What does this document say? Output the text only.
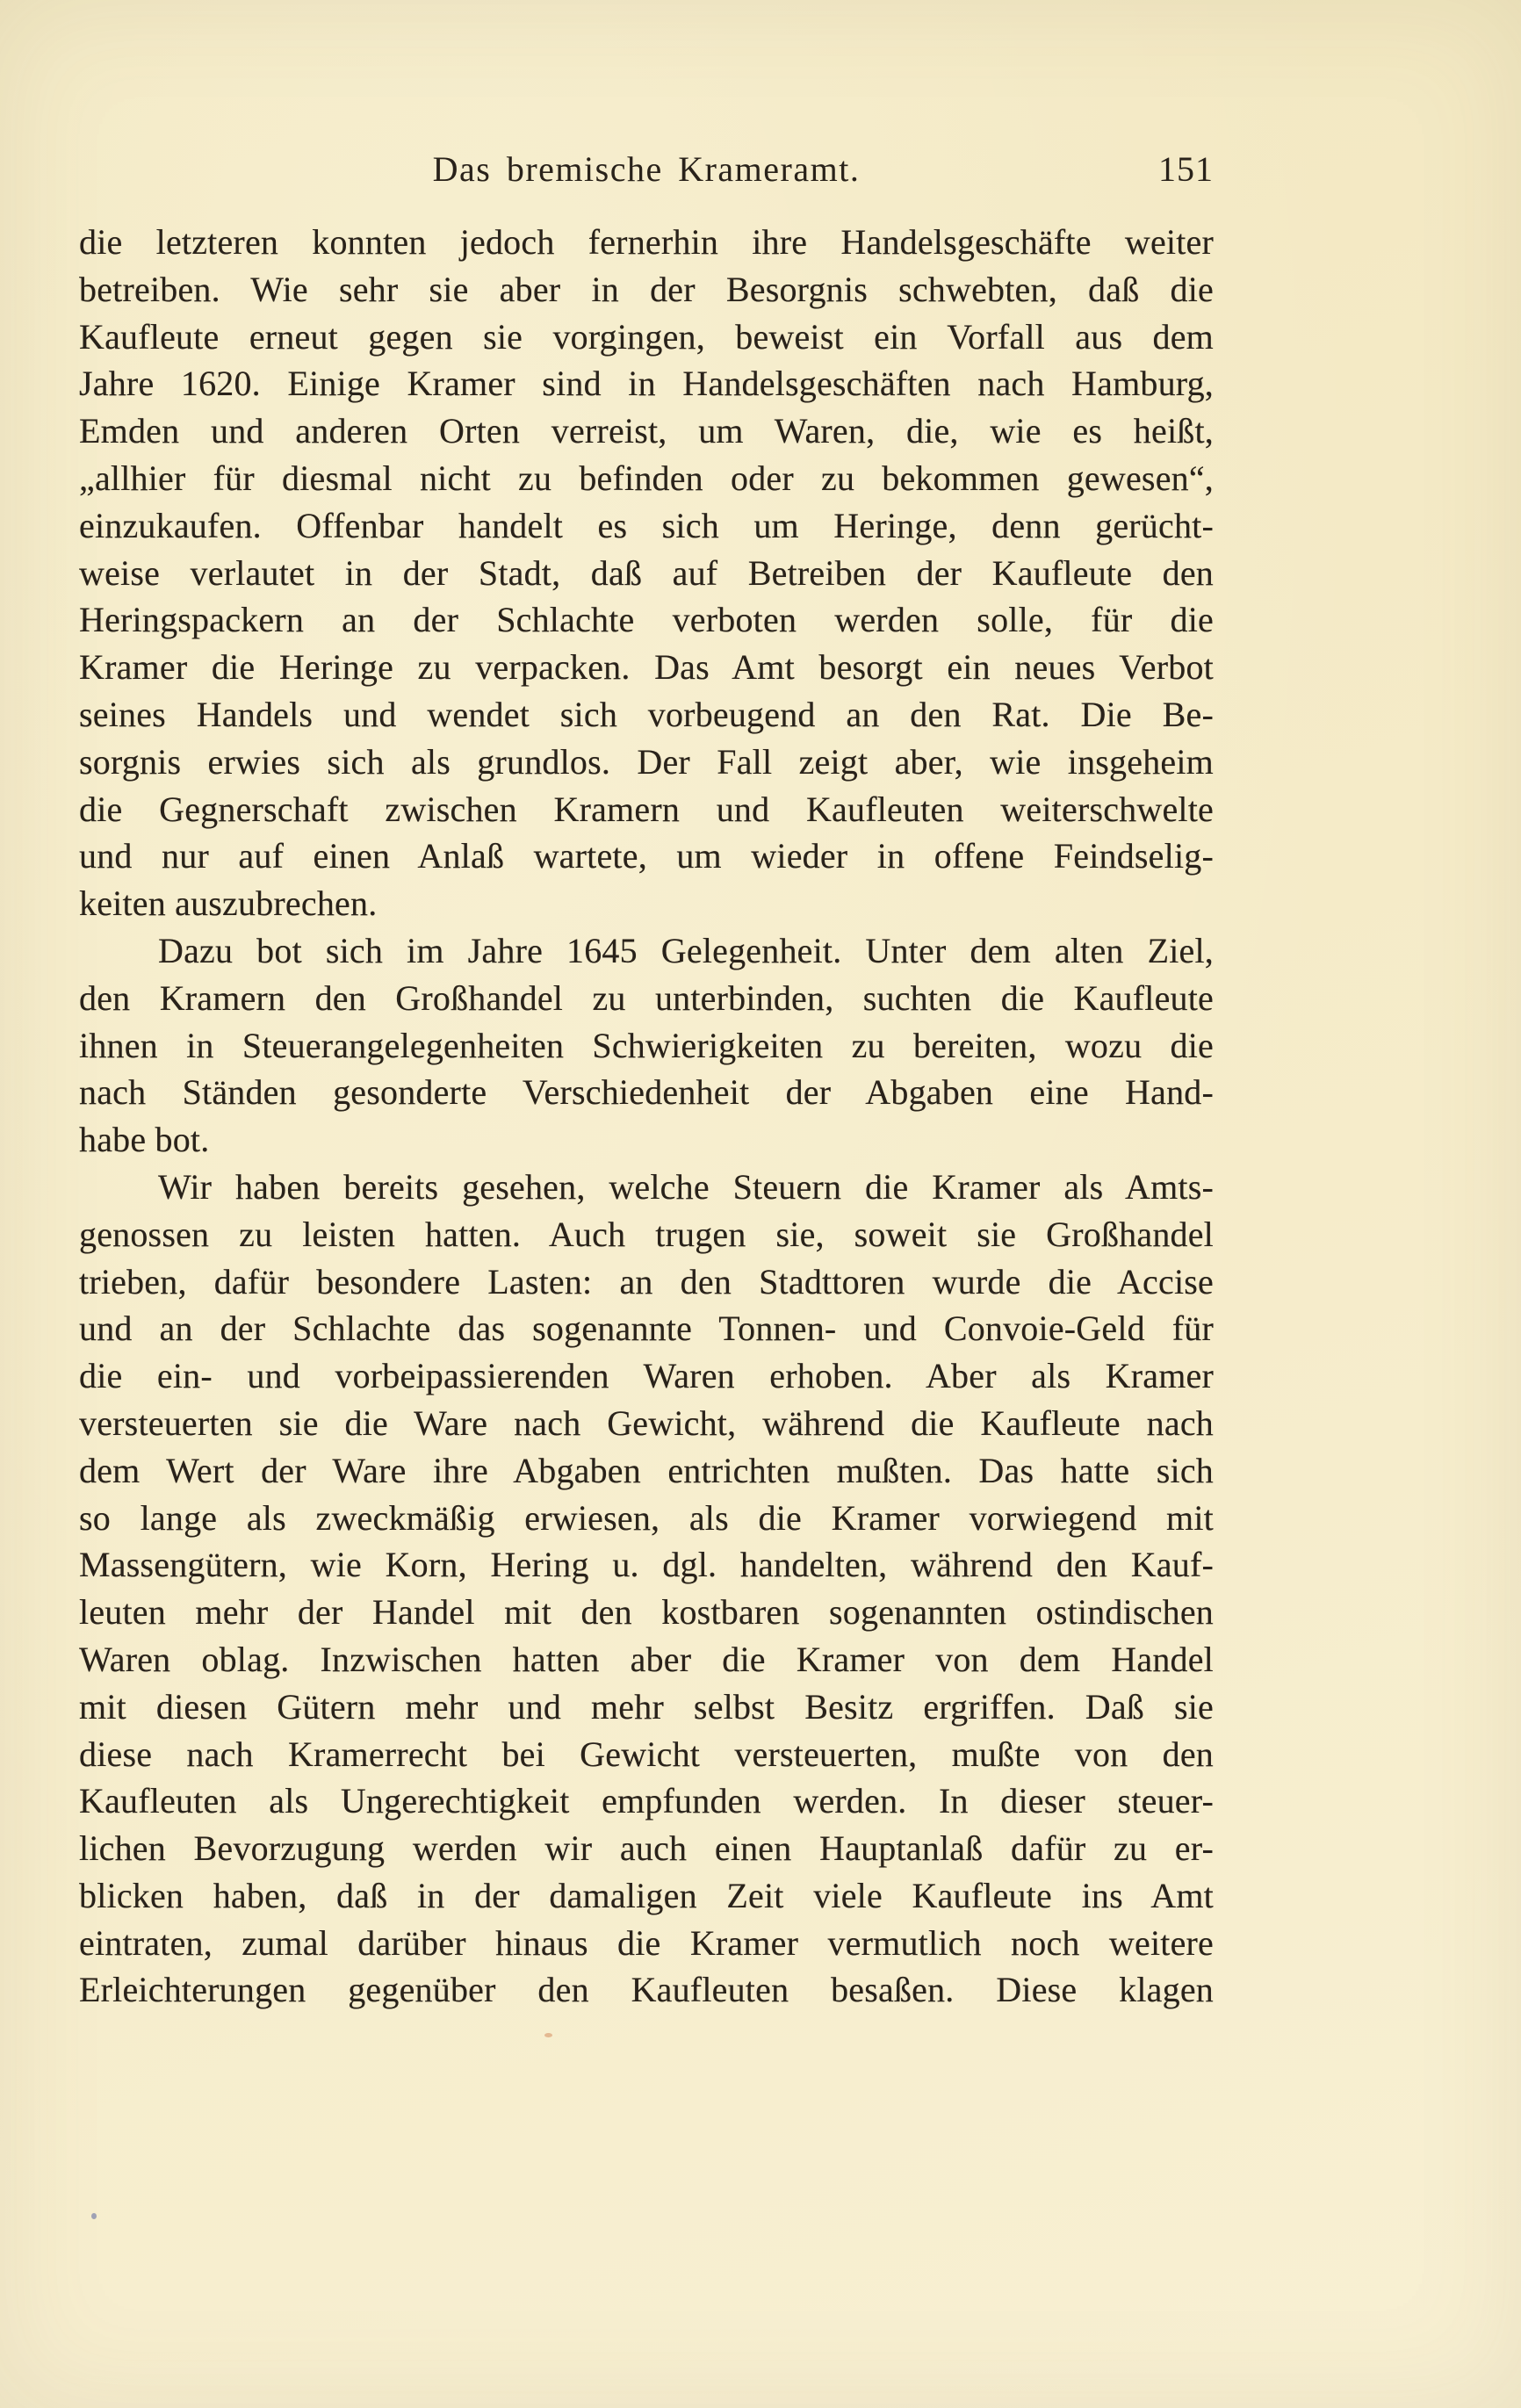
Das bremische Krameramt.	151
die letzteren konnten jedoch fernerhin ihre Handelsgeschäfte weiter
betreiben. Wie sehr sie aber in der Besorgnis schwebten, daß die
Kaufleute erneut gegen sie vorgingen, beweist ein Vorfall aus dem
Jahre 1620. Einige Kramer sind in Handelsgeschäften nach Hamburg,
Emden und anderen Orten verreist, um Waren, die, wie es heißt,
„allhier für diesmal nicht zu befinden oder zu bekommen gewesen“,
einzukaufen. Offenbar handelt es sich um Heringe, denn gerücht-
weise verlautet in der Stadt, daß auf Betreiben der Kaufleute den
Heringspackern an der Schlachte verboten werden solle, für die
Kramer die Heringe zu verpacken. Das Amt besorgt ein neues Verbot
seines Handels und wendet sich vorbeugend an den Rat. Die Be-
sorgnis erwies sich als grundlos. Der Fall zeigt aber, wie insgeheim
die Gegnerschaft zwischen Kramern und Kaufleuten weiterschwelte
und nur auf einen Anlaß wartete, um wieder in offene Feindselig-
keiten auszubrechen.
Dazu bot sich im Jahre 1645 Gelegenheit. Unter dem alten Ziel,
den Kramern den Großhandel zu unterbinden, suchten die Kaufleute
ihnen in Steuerangelegenheiten Schwierigkeiten zu bereiten, wozu die
nach Ständen gesonderte Verschiedenheit der Abgaben eine Hand-
habe bot.
Wir haben bereits gesehen, welche Steuern die Kramer als Amts-
genossen zu leisten hatten. Auch trugen sie, soweit sie Großhandel
trieben, dafür besondere Lasten: an den Stadttoren wurde die Accise
und an der Schlachte das sogenannte Tonnen- und Convoie-Geld für
die ein- und vorbeipassierenden Waren erhoben. Aber als Kramer
versteuerten sie die Ware nach Gewicht, während die Kaufleute nach
dem Wert der Ware ihre Abgaben entrichten mußten. Das hatte sich
so lange als zweckmäßig erwiesen, als die Kramer vorwiegend mit
Massengütern, wie Korn, Hering u. dgl. handelten, während den Kauf-
leuten mehr der Handel mit den kostbaren sogenannten ostindischen
Waren oblag. Inzwischen hatten aber die Kramer von dem Handel
mit diesen Gütern mehr und mehr selbst Besitz ergriffen. Daß sie
diese nach Kramerrecht bei Gewicht versteuerten, mußte von den
Kaufleuten als Ungerechtigkeit empfunden werden. In dieser steuer-
lichen Bevorzugung werden wir auch einen Hauptanlaß dafür zu er-
blicken haben, daß in der damaligen Zeit viele Kaufleute ins Amt
eintraten, zumal darüber hinaus die Kramer vermutlich noch weitere
Erleichterungen gegenüber den Kaufleuten besaßen. Diese klagen
